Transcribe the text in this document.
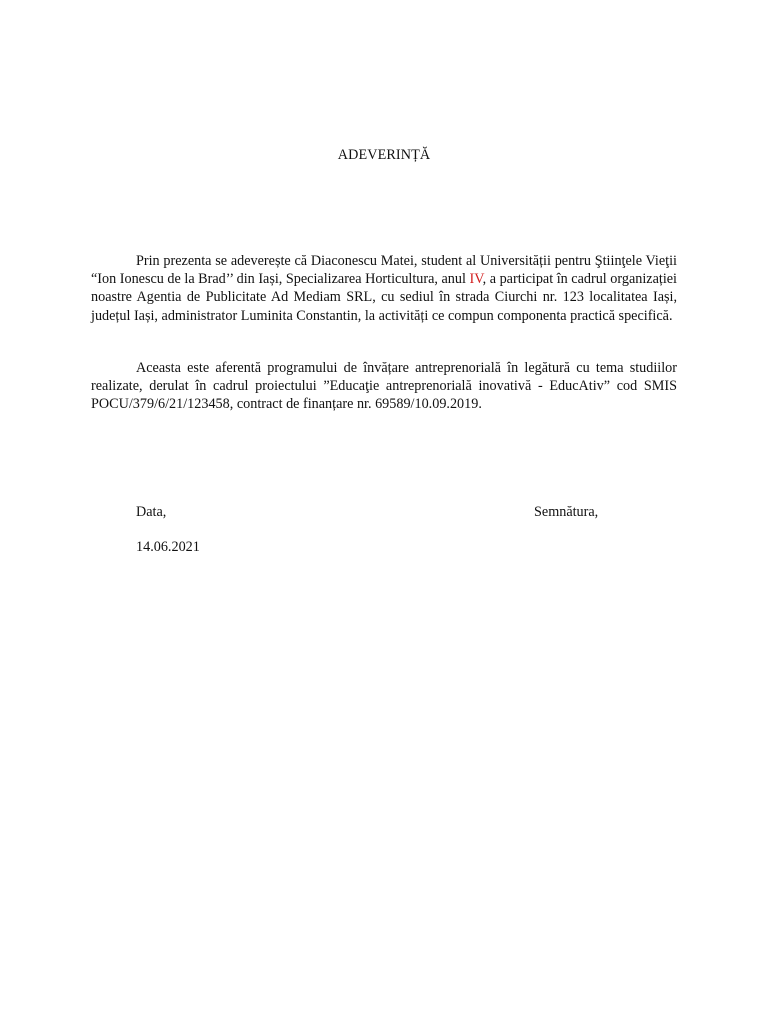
ADEVERINȚĂ

Prin prezenta se adeverește că Diaconescu Matei, student al Universității pentru Ştiinţele Vieţii “Ion Ionescu de la Brad’’ din Iași, Specializarea Horticultura, anul IV, a participat în cadrul organizației noastre Agentia de Publicitate Ad Mediam SRL, cu sediul în strada Ciurchi nr. 123 localitatea Iași, județul Iași, administrator Luminita Constantin, la activități ce compun componenta practică specifică.

Aceasta este aferentă programului de învățare antreprenorială în legătură cu tema studiilor realizate, derulat în cadrul proiectului ”Educaţie antreprenorială inovativă - EducAtiv” cod SMIS POCU/379/6/21/123458, contract de finanțare nr. 69589/10.09.2019.

Data,	Semnătura,
14.06.2021
